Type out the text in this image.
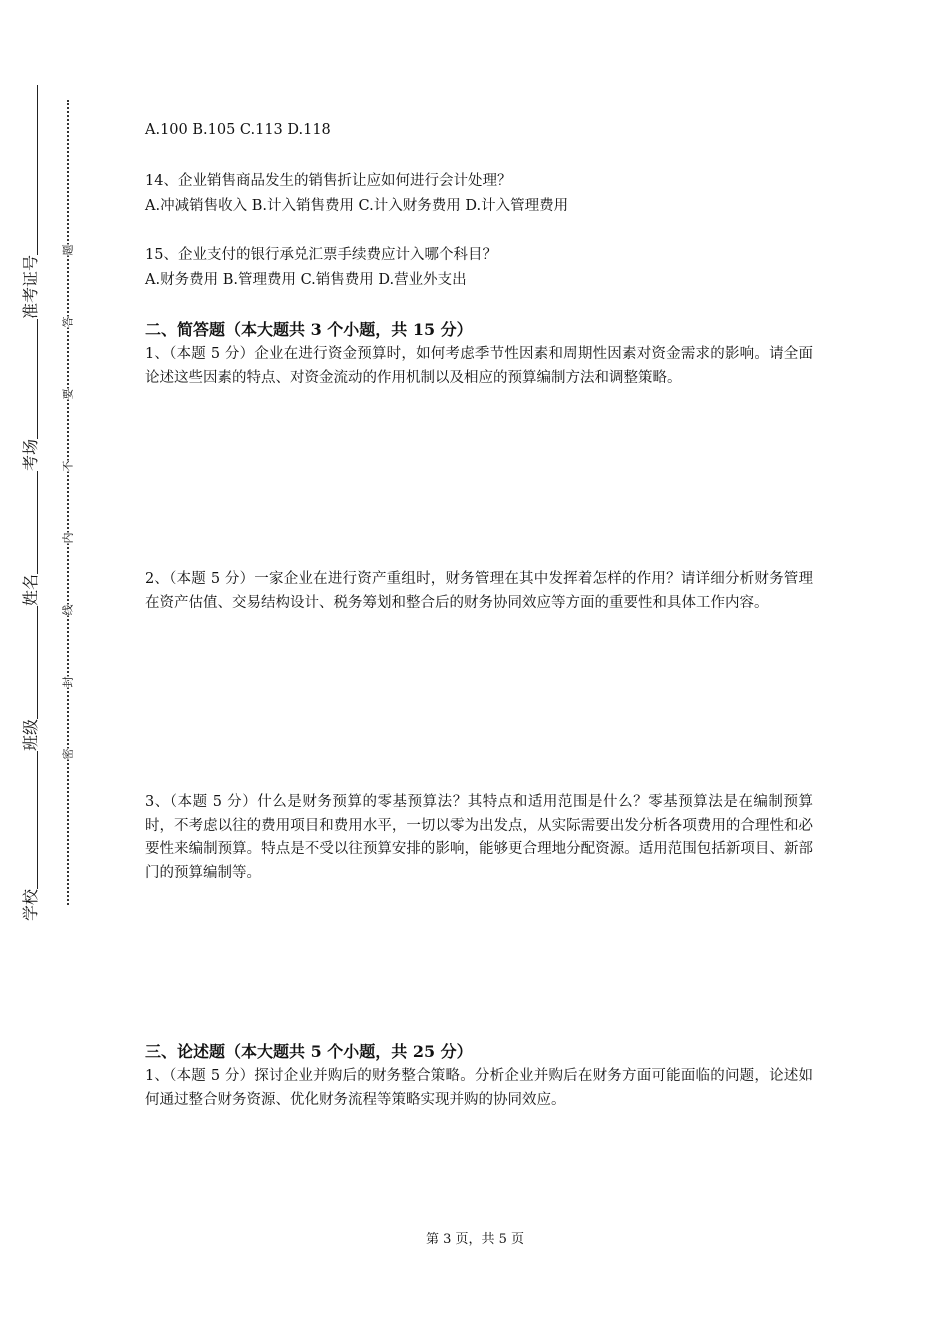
准考证号
考场
姓名
班级
学校
题
答
要
不
内
线
封
密
A.100 B.105 C.113 D.118
14、企业销售商品发生的销售折让应如何进行会计处理？
A.冲减销售收入 B.计入销售费用 C.计入财务费用 D.计入管理费用
15、企业支付的银行承兑汇票手续费应计入哪个科目？
A.财务费用 B.管理费用 C.销售费用 D.营业外支出
二、简答题（本大题共 3 个小题，共 15 分）
1、（本题 5 分）企业在进行资金预算时，如何考虑季节性因素和周期性因素对资金需求的影响。请全面论述这些因素的特点、对资金流动的作用机制以及相应的预算编制方法和调整策略。
2、（本题 5 分）一家企业在进行资产重组时，财务管理在其中发挥着怎样的作用？请详细分析财务管理在资产估值、交易结构设计、税务筹划和整合后的财务协同效应等方面的重要性和具体工作内容。
3、（本题 5 分）什么是财务预算的零基预算法？其特点和适用范围是什么？零基预算法是在编制预算时，不考虑以往的费用项目和费用水平，一切以零为出发点，从实际需要出发分析各项费用的合理性和必要性来编制预算。特点是不受以往预算安排的影响，能够更合理地分配资源。适用范围包括新项目、新部门的预算编制等。
三、论述题（本大题共 5 个小题，共 25 分）
1、（本题 5 分）探讨企业并购后的财务整合策略。分析企业并购后在财务方面可能面临的问题，论述如何通过整合财务资源、优化财务流程等策略实现并购的协同效应。
第 3 页，共 5 页
